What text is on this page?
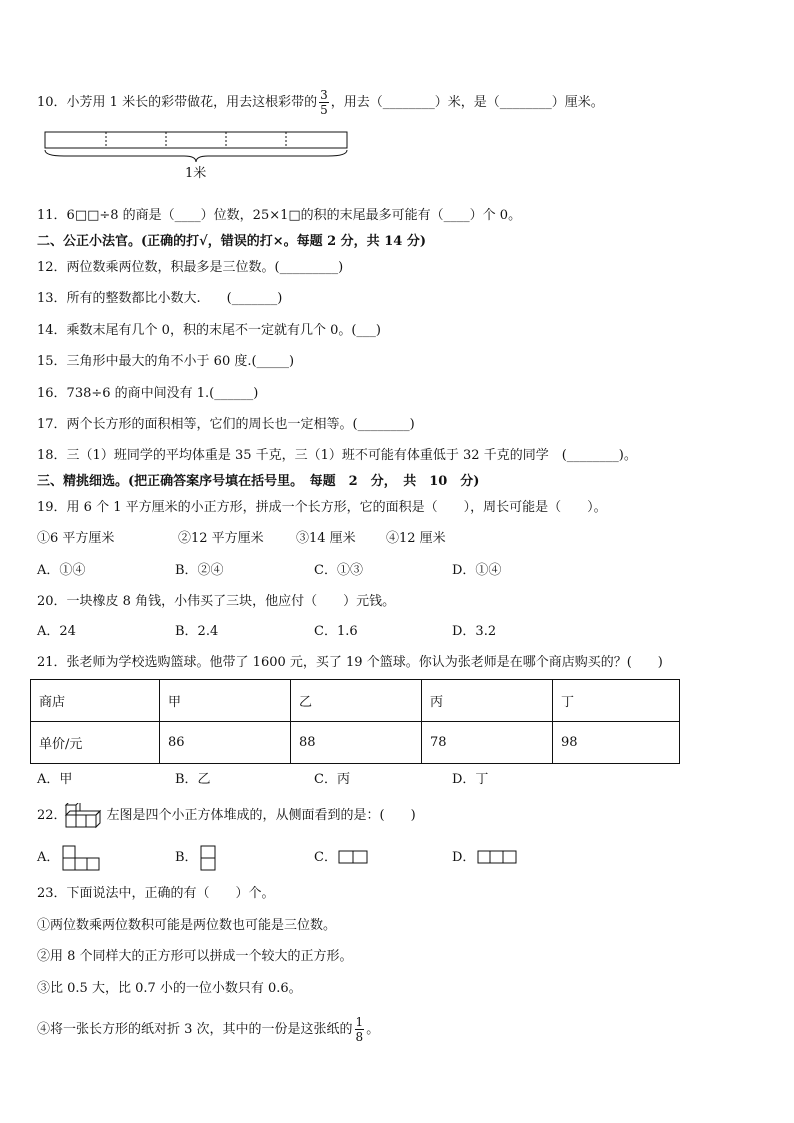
10．小芳用 1 米长的彩带做花，用去这根彩带的 $\frac{3}{5}$ ，用去（________）米，是（________）厘米。
1米
11．6□□÷8 的商是（____）位数，25×1□的积的末尾最多可能有（____）个 0。
二、公正小法官。(正确的打√，错误的打×。每题 2 分，共 14 分)
12．两位数乘两位数，积最多是三位数。(_________)
13．所有的整数都比小数大.　　(_______)
14．乘数末尾有几个 0，积的末尾不一定就有几个 0。(___)
15．三角形中最大的角不小于 60 度.(_____)
16．738÷6 的商中间没有 1.(______)
17．两个长方形的面积相等，它们的周长也一定相等。(________)
18．三（1）班同学的平均体重是 35 千克，三（1）班不可能有体重低于 32 千克的同学　(________)。
三、精挑细选。(把正确答案序号填在括号里。　每题　2　分，　共　10　分)
19．用 6 个 1 平方厘米的小正方形，拼成一个长方形，它的面积是（　　），周长可能是（　　）。
①6 平方厘米	②12 平方厘米 ③14 厘米 ④12 厘米
A．①④	B．②④	C．①③	D．①④
20．一块橡皮 8 角钱，小伟买了三块，他应付（　　）元钱。
A．24	B．2.4	C．1.6	D．3.2
21．张老师为学校选购篮球。他带了 1600 元，买了 19 个篮球。你认为张老师是在哪个商店购买的？(　　)
商店	甲	乙	丙	丁
单价/元	86	88	78	98
A．甲	B．乙	C．丙	D．丁
22．	左图是四个小正方体堆成的，从侧面看到的是：(　　)
A．	B．	C．	D．
23．下面说法中，正确的有（　　）个。
①两位数乘两位数积可能是两位数也可能是三位数。
②用 8 个同样大的正方形可以拼成一个较大的正方形。
③比 0.5 大，比 0.7 小的一位小数只有 0.6。
④将一张长方形的纸对折 3 次，其中的一份是这张纸的 $\frac{1}{8}$ 。
